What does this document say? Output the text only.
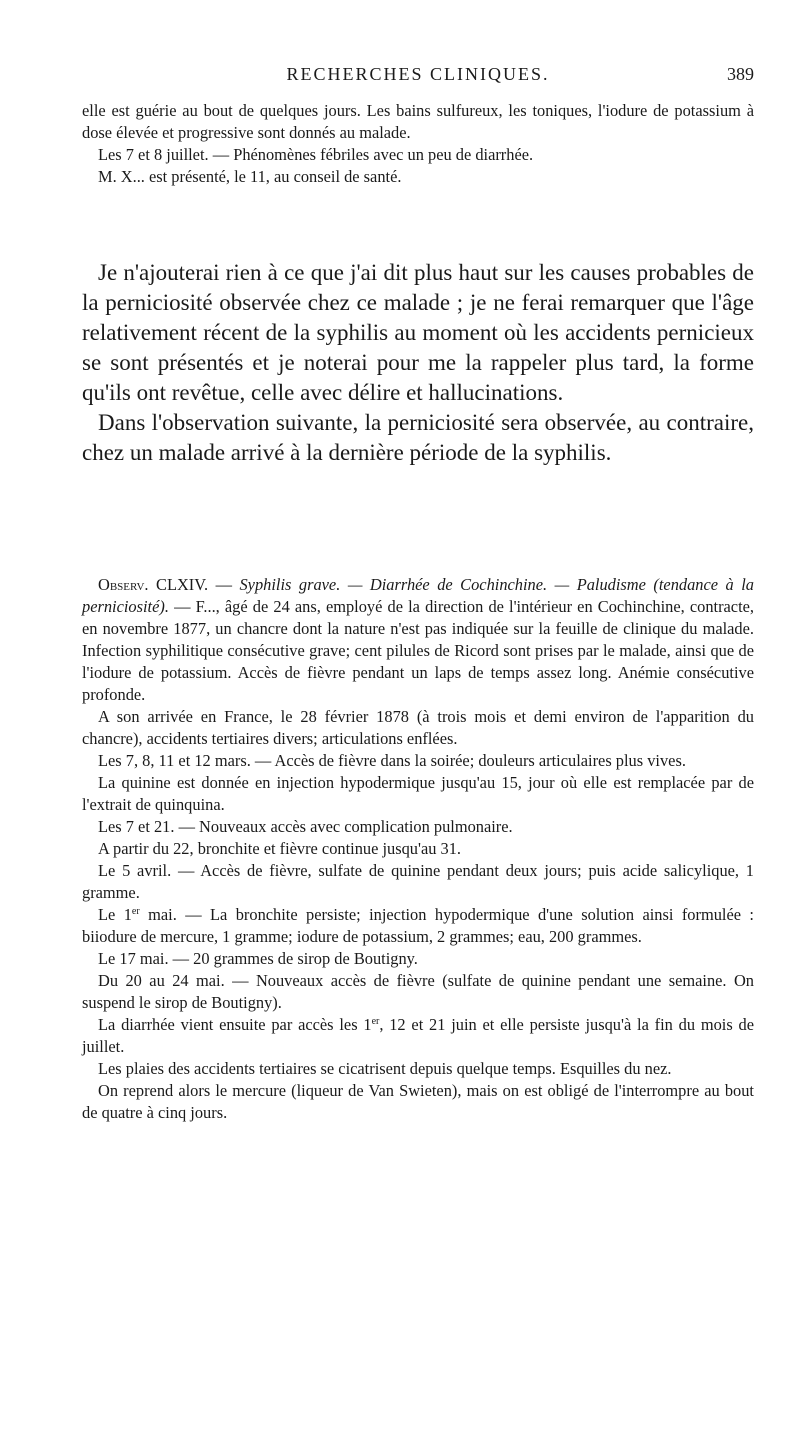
RECHERCHES CLINIQUES.	389

elle est guérie au bout de quelques jours. Les bains sulfureux, les toniques, l'iodure de potassium à dose élevée et progressive sont donnés au malade.

Les 7 et 8 juillet. — Phénomènes fébriles avec un peu de diarrhée.

M. X... est présenté, le 11, au conseil de santé.

Je n'ajouterai rien à ce que j'ai dit plus haut sur les causes probables de la perniciosité observée chez ce malade ; je ne ferai remarquer que l'âge relativement récent de la syphilis au moment où les accidents pernicieux se sont présentés et je noterai pour me la rappeler plus tard, la forme qu'ils ont revêtue, celle avec délire et hallucinations.

Dans l'observation suivante, la perniciosité sera observée, au contraire, chez un malade arrivé à la dernière période de la syphilis.

Observ. CLXIV. — Syphilis grave. — Diarrhée de Cochinchine. — Paludisme (tendance à la perniciosité). — F..., âgé de 24 ans, employé de la direction de l'intérieur en Cochinchine, contracte, en novembre 1877, un chancre dont la nature n'est pas indiquée sur la feuille de clinique du malade. Infection syphilitique consécutive grave; cent pilules de Ricord sont prises par le malade, ainsi que de l'iodure de potassium. Accès de fièvre pendant un laps de temps assez long. Anémie consécutive profonde.

A son arrivée en France, le 28 février 1878 (à trois mois et demi environ de l'apparition du chancre), accidents tertiaires divers; articulations enflées.

Les 7, 8, 11 et 12 mars. — Accès de fièvre dans la soirée; douleurs articulaires plus vives.

La quinine est donnée en injection hypodermique jusqu'au 15, jour où elle est remplacée par de l'extrait de quinquina.

Les 7 et 21. — Nouveaux accès avec complication pulmonaire.

A partir du 22, bronchite et fièvre continue jusqu'au 31.

Le 5 avril. — Accès de fièvre, sulfate de quinine pendant deux jours; puis acide salicylique, 1 gramme.

Le 1er mai. — La bronchite persiste; injection hypodermique d'une solution ainsi formulée : biiodure de mercure, 1 gramme; iodure de potassium, 2 grammes; eau, 200 grammes.

Le 17 mai. — 20 grammes de sirop de Boutigny.

Du 20 au 24 mai. — Nouveaux accès de fièvre (sulfate de quinine pendant une semaine. On suspend le sirop de Boutigny).

La diarrhée vient ensuite par accès les 1er, 12 et 21 juin et elle persiste jusqu'à la fin du mois de juillet.

Les plaies des accidents tertiaires se cicatrisent depuis quelque temps. Esquilles du nez.

On reprend alors le mercure (liqueur de Van Swieten), mais on est obligé de l'interrompre au bout de quatre à cinq jours.
